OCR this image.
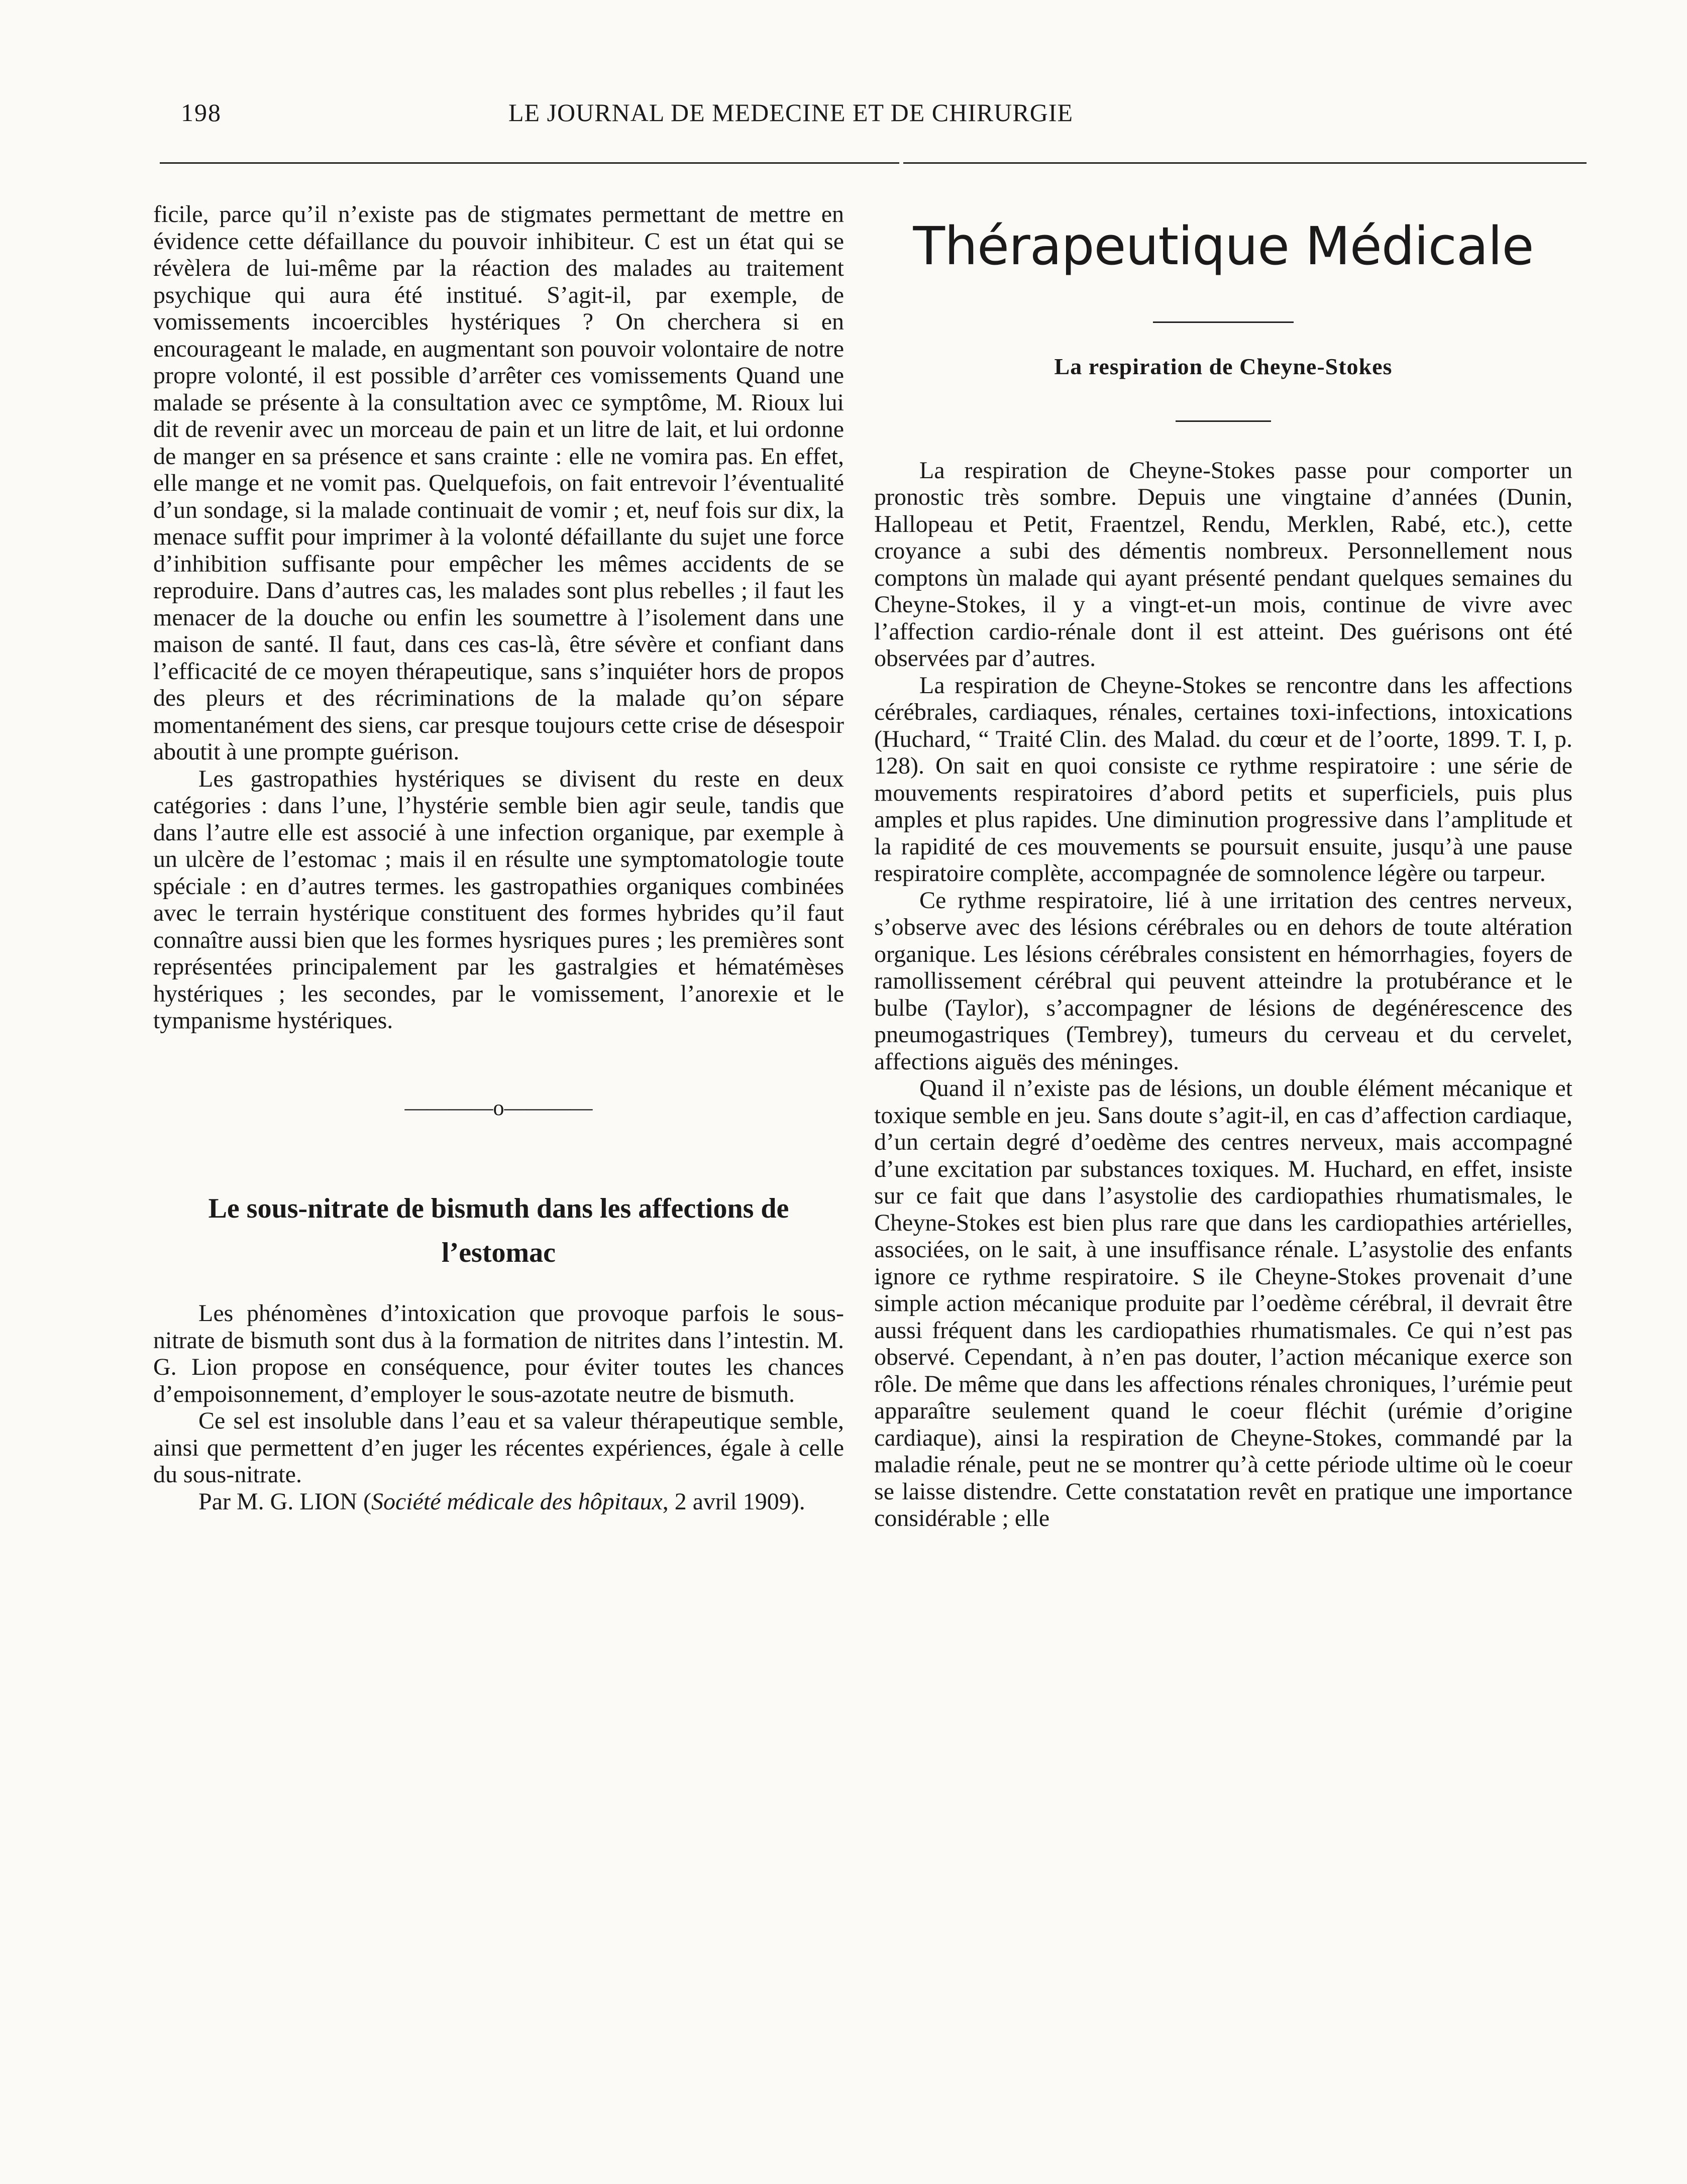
198	LE JOURNAL DE MEDECINE ET DE CHIRURGIE

ficile, parce qu’il n’existe pas de stigmates permettant de mettre en évidence cette défaillance du pouvoir inhibiteur. C est un état qui se révèlera de lui-même par la réaction des malades au traitement psychique qui aura été institué. S’agit-il, par exemple, de vomissements incoercibles hystériques ? On cherchera si en encourageant le malade, en augmentant son pouvoir volontaire de notre propre volonté, il est possible d’arrêter ces vomissements Quand une malade se présente à la consultation avec ce symptôme, M. Rioux lui dit de revenir avec un morceau de pain et un litre de lait, et lui ordonne de manger en sa présence et sans crainte : elle ne vomira pas. En effet, elle mange et ne vomit pas. Quelquefois, on fait entrevoir l’éventualité d’un sondage, si la malade continuait de vomir ; et, neuf fois sur dix, la menace suffit pour imprimer à la volonté défaillante du sujet une force d’inhibition suffisante pour empêcher les mêmes accidents de se reproduire. Dans d’autres cas, les malades sont plus rebelles ; il faut les menacer de la douche ou enfin les soumettre à l’isolement dans une maison de santé. Il faut, dans ces cas-là, être sévère et confiant dans l’efficacité de ce moyen thérapeutique, sans s’inquiéter hors de propos des pleurs et des récriminations de la malade qu’on sépare momentanément des siens, car presque toujours cette crise de désespoir aboutit à une prompte guérison.

Les gastropathies hystériques se divisent du reste en deux catégories : dans l’une, l’hystérie semble bien agir seule, tandis que dans l’autre elle est associé à une infection organique, par exemple à un ulcère de l’estomac ; mais il en résulte une symptomatologie toute spéciale : en d’autres termes. les gastropathies organiques combinées avec le terrain hystérique constituent des formes hybrides qu’il faut connaître aussi bien que les formes hysriques pures ; les premières sont représentées principalement par les gastralgies et hématémèses hystériques ; les secondes, par le vomissement, l’anorexie et le tympanisme hystériques.

————o————
Le sous-nitrate de bismuth dans les affections de l’estomac

Les phénomènes d’intoxication que provoque parfois le sous-nitrate de bismuth sont dus à la formation de nitrites dans l’intestin. M. G. Lion propose en conséquence, pour éviter toutes les chances d’empoisonnement, d’employer le sous-azotate neutre de bismuth.

Ce sel est insoluble dans l’eau et sa valeur thérapeutique semble, ainsi que permettent d’en juger les récentes expériences, égale à celle du sous-nitrate.

Par M. G. LION (Société médicale des hôpitaux, 2 avril 1909).

Thérapeutique Médicale
La respiration de Cheyne-Stokes

La respiration de Cheyne-Stokes passe pour comporter un pronostic très sombre. Depuis une vingtaine d’années (Dunin, Hallopeau et Petit, Fraentzel, Rendu, Merklen, Rabé, etc.), cette croyance a subi des démentis nombreux. Personnellement nous comptons ùn malade qui ayant présenté pendant quelques semaines du Cheyne-Stokes, il y a vingt-et-un mois, continue de vivre avec l’affection cardio-rénale dont il est atteint. Des guérisons ont été observées par d’autres.

La respiration de Cheyne-Stokes se rencontre dans les affections cérébrales, cardiaques, rénales, certaines toxi-infections, intoxications (Huchard, “ Traité Clin. des Malad. du cœur et de l’oorte, 1899. T. I, p. 128). On sait en quoi consiste ce rythme respiratoire : une série de mouvements respiratoires d’abord petits et superficiels, puis plus amples et plus rapides. Une diminution progressive dans l’amplitude et la rapidité de ces mouvements se poursuit ensuite, jusqu’à une pause respiratoire complète, accompagnée de somnolence légère ou tarpeur.

Ce rythme respiratoire, lié à une irritation des centres nerveux, s’observe avec des lésions cérébrales ou en dehors de toute altération organique. Les lésions cérébrales consistent en hémorrhagies, foyers de ramollissement cérébral qui peuvent atteindre la protubérance et le bulbe (Taylor), s’accompagner de lésions de degénérescence des pneumogastriques (Tembrey), tumeurs du cerveau et du cervelet, affections aiguës des méninges.

Quand il n’existe pas de lésions, un double élément mécanique et toxique semble en jeu. Sans doute s’agit-il, en cas d’affection cardiaque, d’un certain degré d’oedème des centres nerveux, mais accompagné d’une excitation par substances toxiques. M. Huchard, en effet, insiste sur ce fait que dans l’asystolie des cardiopathies rhumatismales, le Cheyne-Stokes est bien plus rare que dans les cardiopathies artérielles, associées, on le sait, à une insuffisance rénale. L’asystolie des enfants ignore ce rythme respiratoire. S ile Cheyne-Stokes provenait d’une simple action mécanique produite par l’oedème cérébral, il devrait être aussi fréquent dans les cardiopathies rhumatismales. Ce qui n’est pas observé. Cependant, à n’en pas douter, l’action mécanique exerce son rôle. De même que dans les affections rénales chroniques, l’urémie peut apparaître seulement quand le coeur fléchit (urémie d’origine cardiaque), ainsi la respiration de Cheyne-Stokes, commandé par la maladie rénale, peut ne se montrer qu’à cette période ultime où le coeur se laisse distendre. Cette constatation revêt en pratique une importance considérable ; elle
